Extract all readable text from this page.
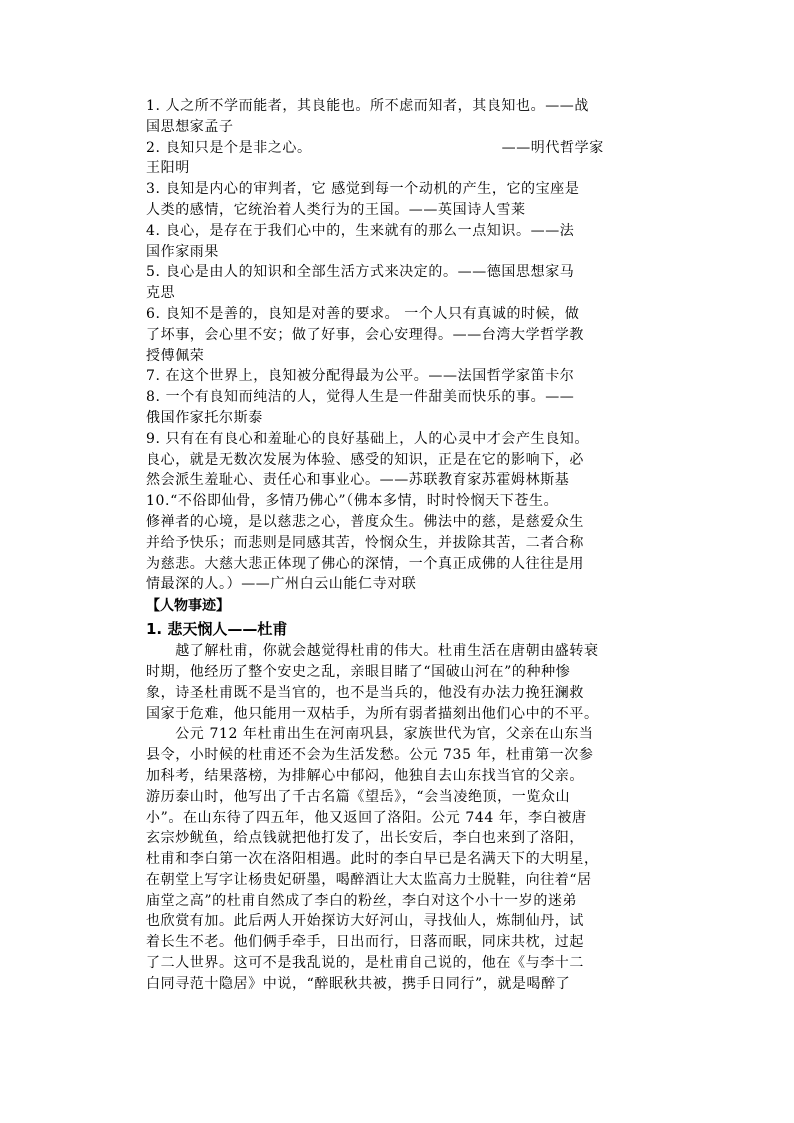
1. 人之所不学而能者，其良能也。所不虑而知者，其良知也。——战
国思想家孟子
2. 良知只是个是非之心。	——明代哲学家
王阳明
3. 良知是内心的审判者，它 感觉到每一个动机的产生，它的宝座是
人类的感情，它统治着人类行为的王国。——英国诗人雪莱
4. 良心，是存在于我们心中的，生来就有的那么一点知识。——法
国作家雨果
5. 良心是由人的知识和全部生活方式来决定的。——德国思想家马
克思
6. 良知不是善的，良知是对善的要求。 一个人只有真诚的时候，做
了坏事，会心里不安；做了好事，会心安理得。——台湾大学哲学教
授傅佩荣
7. 在这个世界上，良知被分配得最为公平。——法国哲学家笛卡尔
8. 一个有良知而纯洁的人，觉得人生是一件甜美而快乐的事。——
俄国作家托尔斯泰
9. 只有在有良心和羞耻心的良好基础上，人的心灵中才会产生良知。
良心，就是无数次发展为体验、感受的知识，正是在它的影响下，必
然会派生羞耻心、责任心和事业心。——苏联教育家苏霍姆林斯基
10.“不俗即仙骨，多情乃佛心”（佛本多情，时时怜悯天下苍生。
修禅者的心境，是以慈悲之心，普度众生。佛法中的慈，是慈爱众生
并给予快乐；而悲则是同感其苦，怜悯众生，并拔除其苦，二者合称
为慈悲。大慈大悲正体现了佛心的深情，一个真正成佛的人往往是用
情最深的人。）——广州白云山能仁寺对联
【人物事迹】
1. 悲天悯人——杜甫
　　越了解杜甫，你就会越觉得杜甫的伟大。杜甫生活在唐朝由盛转衰
时期，他经历了整个安史之乱，亲眼目睹了“国破山河在”的种种惨
象，诗圣杜甫既不是当官的，也不是当兵的，他没有办法力挽狂澜救
国家于危难，他只能用一双枯手，为所有弱者描刻出他们心中的不平。
　　公元 712 年杜甫出生在河南巩县，家族世代为官，父亲在山东当
县令，小时候的杜甫还不会为生活发愁。公元 735 年，杜甫第一次参
加科考，结果落榜，为排解心中郁闷，他独自去山东找当官的父亲。
游历泰山时，他写出了千古名篇《望岳》，“会当凌绝顶，一览众山
小”。在山东待了四五年，他又返回了洛阳。公元 744 年，李白被唐
玄宗炒鱿鱼，给点钱就把他打发了，出长安后，李白也来到了洛阳，
杜甫和李白第一次在洛阳相遇。此时的李白早已是名满天下的大明星，
在朝堂上写字让杨贵妃研墨，喝醉酒让大太监高力士脱鞋，向往着“居
庙堂之高”的杜甫自然成了李白的粉丝，李白对这个小十一岁的迷弟
也欣赏有加。此后两人开始探访大好河山，寻找仙人，炼制仙丹，试
着长生不老。他们俩手牵手，日出而行，日落而眠，同床共枕，过起
了二人世界。这可不是我乱说的，是杜甫自己说的，他在《与李十二
白同寻范十隐居》中说，“醉眠秋共被，携手日同行”，就是喝醉了
